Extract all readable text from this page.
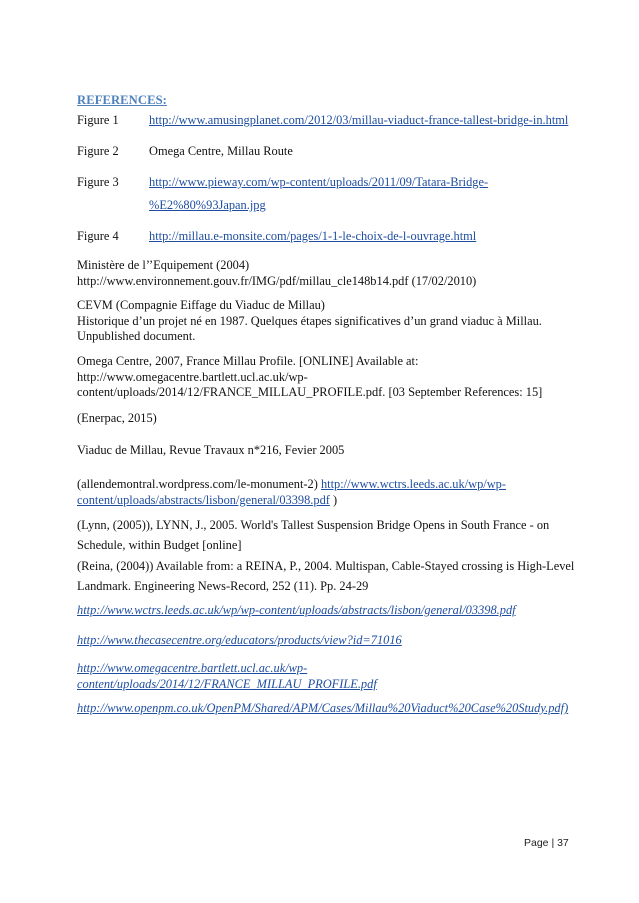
REFERENCES:
Figure 1 http://www.amusingplanet.com/2012/03/millau-viaduct-france-tallest-bridge-in.html
Figure 2 Omega Centre, Millau Route
Figure 3 http://www.pieway.com/wp-content/uploads/2011/09/Tatara-Bridge-
%E2%80%93Japan.jpg
Figure 4 http://millau.e-monsite.com/pages/1-1-le-choix-de-l-ouvrage.html
Ministère de l’’Equipement (2004)
http://www.environnement.gouv.fr/IMG/pdf/millau_cle148b14.pdf (17/02/2010)
CEVM (Compagnie Eiffage du Viaduc de Millau)
Historique d’un projet né en 1987. Quelques étapes significatives d’un grand viaduc à Millau.
Unpublished document.
Omega Centre, 2007, France Millau Profile. [ONLINE] Available at:
http://www.omegacentre.bartlett.ucl.ac.uk/wp-
content/uploads/2014/12/FRANCE_MILLAU_PROFILE.pdf. [03 September References: 15]
(Enerpac, 2015)
Viaduc de Millau, Revue Travaux n*216, Fevier 2005
(allendemontral.wordpress.com/le-monument-2) http://www.wctrs.leeds.ac.uk/wp/wp-
content/uploads/abstracts/lisbon/general/03398.pdf )
(Lynn, (2005)), LYNN, J., 2005. World's Tallest Suspension Bridge Opens in South France - on
Schedule, within Budget [online]
(Reina, (2004)) Available from: a REINA, P., 2004. Multispan, Cable-Stayed crossing is High-Level
Landmark. Engineering News-Record, 252 (11). Pp. 24-29
http://www.wctrs.leeds.ac.uk/wp/wp-content/uploads/abstracts/lisbon/general/03398.pdf
http://www.thecasecentre.org/educators/products/view?id=71016
http://www.omegacentre.bartlett.ucl.ac.uk/wp-
content/uploads/2014/12/FRANCE_MILLAU_PROFILE.pdf
http://www.openpm.co.uk/OpenPM/Shared/APM/Cases/Millau%20Viaduct%20Case%20Study.pdf)
Page | 37
